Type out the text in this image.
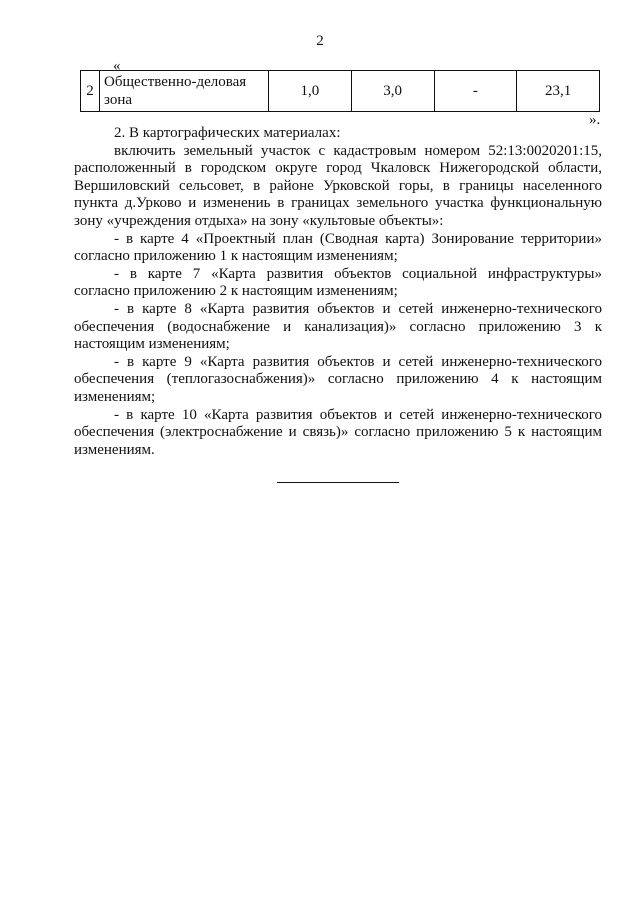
2
«
2	Общественно-деловая зона	1,0	3,0	-	23,1
».

2. В картографических материалах:

включить земельный участок с кадастровым номером 52:13:0020201:15, расположенный в городском округе город Чкаловск Нижегородской области, Вершиловский сельсовет, в районе Урковской горы, в границы населенного пункта д.Урково и изменениь в границах земельного участка функциональную зону «учреждения отдыха» на зону «культовые объекты»:

- в карте 4 «Проектный план (Сводная карта) Зонирование территории» согласно приложению 1 к настоящим изменениям;

- в карте 7 «Карта развития объектов социальной инфраструктуры» согласно приложению 2 к настоящим изменениям;

- в карте 8 «Карта развития объектов и сетей инженерно-технического обеспечения (водоснабжение и канализация)» согласно приложению 3 к настоящим изменениям;

- в карте 9 «Карта развития объектов и сетей инженерно-технического обеспечения (теплогазоснабжения)» согласно приложению 4 к настоящим изменениям;

- в карте 10 «Карта развития объектов и сетей инженерно-технического обеспечения (электроснабжение и связь)» согласно приложению 5 к настоящим изменениям.
